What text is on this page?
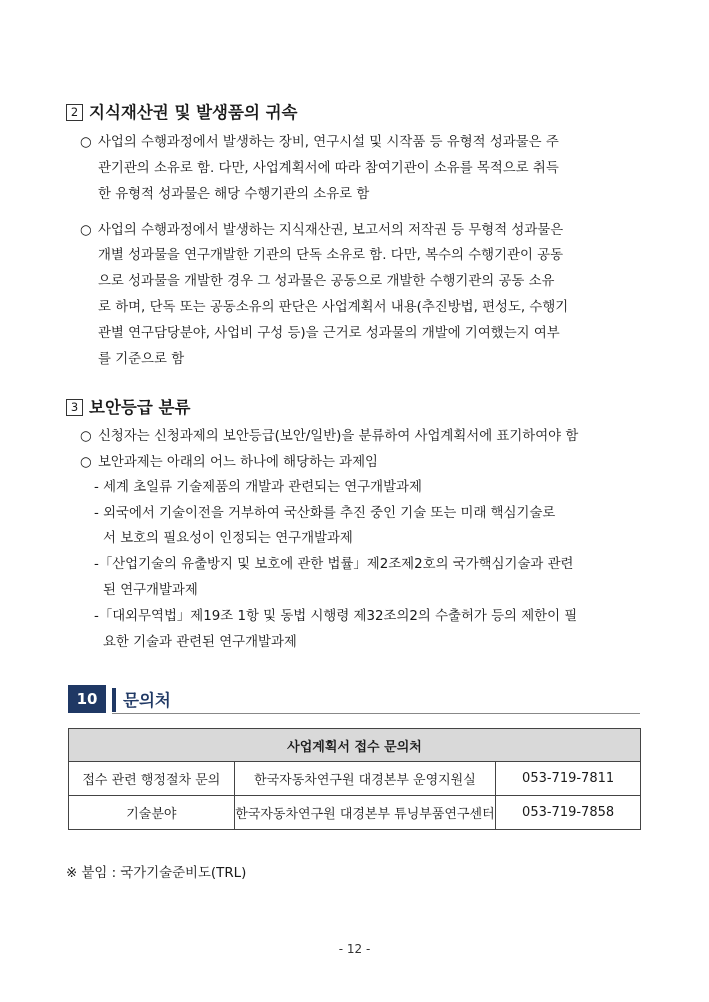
2 지식재산권 및 발생품의 귀속
○ 사업의 수행과정에서 발생하는 장비, 연구시설 및 시작품 등 유형적 성과물은 주
관기관의 소유로 함. 다만, 사업계획서에 따라 참여기관이 소유를 목적으로 취득
한 유형적 성과물은 해당 수행기관의 소유로 함
○ 사업의 수행과정에서 발생하는 지식재산권, 보고서의 저작권 등 무형적 성과물은
개별 성과물을 연구개발한 기관의 단독 소유로 함. 다만, 복수의 수행기관이 공동
으로 성과물을 개발한 경우 그 성과물은 공동으로 개발한 수행기관의 공동 소유
로 하며, 단독 또는 공동소유의 판단은 사업계획서 내용(추진방법, 편성도, 수행기
관별 연구담당분야, 사업비 구성 등)을 근거로 성과물의 개발에 기여했는지 여부
를 기준으로 함
3 보안등급 분류
○ 신청자는 신청과제의 보안등급(보안/일반)을 분류하여 사업계획서에 표기하여야 함
○ 보안과제는 아래의 어느 하나에 해당하는 과제임
- 세계 초일류 기술제품의 개발과 관련되는 연구개발과제
- 외국에서 기술이전을 거부하여 국산화를 추진 중인 기술 또는 미래 핵심기술로
서 보호의 필요성이 인정되는 연구개발과제
-「산업기술의 유출방지 및 보호에 관한 법률」제2조제2호의 국가핵심기술과 관련
된 연구개발과제
-「대외무역법」제19조 1항 및 동법 시행령 제32조의2의 수출허가 등의 제한이 필
요한 기술과 관련된 연구개발과제
10	문의처
사업계획서 접수 문의처		
접수 관련 행정절차 문의	한국자동차연구원 대경본부 운영지원실	053-719-7811
기술분야	한국자동차연구원 대경본부 튜닝부품연구센터	053-719-7858
※ 붙임 : 국가기술준비도(TRL)
- 12 -
